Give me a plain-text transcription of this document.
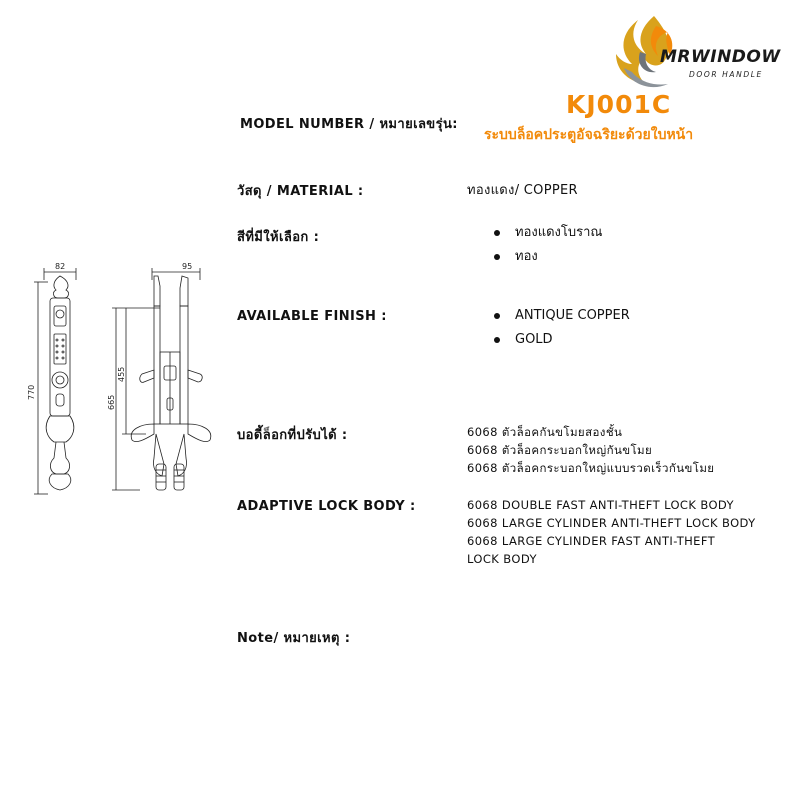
MRWINDOW
DOOR HANDLE
MODEL NUMBER / หมายเลขรุ่น:
KJ001C
ระบบล็อคประตูอัจฉริยะด้วยใบหน้า
วัสดุ / MATERIAL :	ทองแดง/ COPPER
สีที่มีให้เลือก :	ทองแดงโบราณ
ทอง
AVAILABLE FINISH :	ANTIQUE COPPER
GOLD
บอดี้ล็อกที่ปรับได้ :	6068 ตัวล็อคกันขโมยสองชั้น
6068 ตัวล็อคกระบอกใหญ่กันขโมย
6068 ตัวล็อคกระบอกใหญ่แบบรวดเร็วกันขโมย
ADAPTIVE LOCK BODY :	6068 DOUBLE FAST ANTI-THEFT LOCK BODY
6068 LARGE CYLINDER ANTI-THEFT LOCK BODY
6068 LARGE CYLINDER FAST ANTI-THEFT
LOCK BODY
Note/ หมายเหตุ :
82
770
95
665
455
